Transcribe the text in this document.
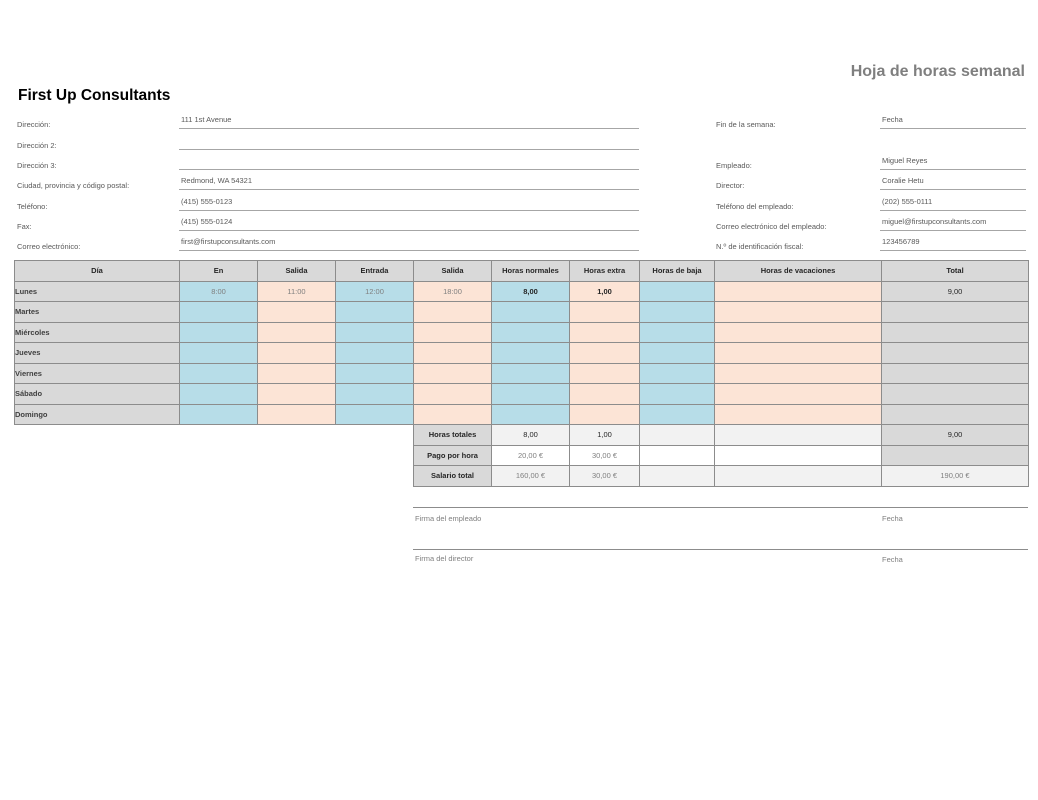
Hoja de horas semanal
First Up Consultants
Dirección:
111 1st Avenue
Dirección 2:
Dirección 3:
Ciudad, provincia y código postal:
Redmond, WA 54321
Teléfono:
(415) 555-0123
Fax:
(415) 555-0124
Correo electrónico:
first@firstupconsultants.com
Fin de la semana:
Fecha
Empleado:
Miguel Reyes
Director:
Coralie Hetu
Teléfono del empleado:
(202) 555-0111
Correo electrónico del empleado:
miguel@firstupconsultants.com
N.º de identificación fiscal:
123456789
Día	En	Salida	Entrada	Salida	Horas normales	Horas extra	Horas de baja	Horas de vacaciones	Total
Lunes	8:00	11:00	12:00	18:00	8,00	1,00			9,00
Martes									
Miércoles									
Jueves									
Viernes									
Sábado									
Domingo									
				Horas totales	8,00	1,00			9,00
				Pago por hora	20,00 €	30,00 €			
				Salario total	160,00 €	30,00 €			190,00 €
Firma del empleado	Fecha
Firma del director	Fecha
